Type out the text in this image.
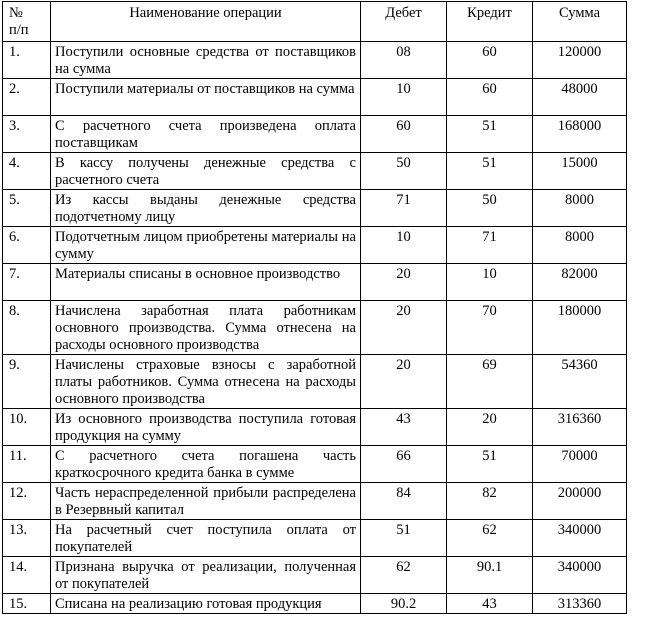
№
п/п	Наименование операции	Дебет	Кредит	Сумма
1.	Поступили основные средства от поставщиков на сумма	08	60	120000
2.	Поступили материалы от поставщиков на сумма	10	60	48000
3.	С расчетного счета произведена оплата поставщикам	60	51	168000
4.	В кассу получены денежные средства с расчетного счета	50	51	15000
5.	Из кассы выданы денежные средства подотчетному лицу	71	50	8000
6.	Подотчетным лицом приобретены материалы на сумму	10	71	8000
7.	Материалы списаны в основное производство	20	10	82000
8.	Начислена заработная плата работникам основного производства. Сумма отнесена на расходы основного производства	20	70	180000
9.	Начислены страховые взносы с заработной платы работников. Сумма отнесена на расходы основного производства	20	69	54360
10.	Из основного производства поступила готовая продукция на сумму	43	20	316360
11.	С расчетного счета погашена часть краткосрочного кредита банка в сумме	66	51	70000
12.	Часть нераспределенной прибыли распределена в Резервный капитал	84	82	200000
13.	На расчетный счет поступила оплата от покупателей	51	62	340000
14.	Признана выручка от реализации, полученная от покупателей	62	90.1	340000
15.	Списана на реализацию готовая продукция	90.2	43	313360
